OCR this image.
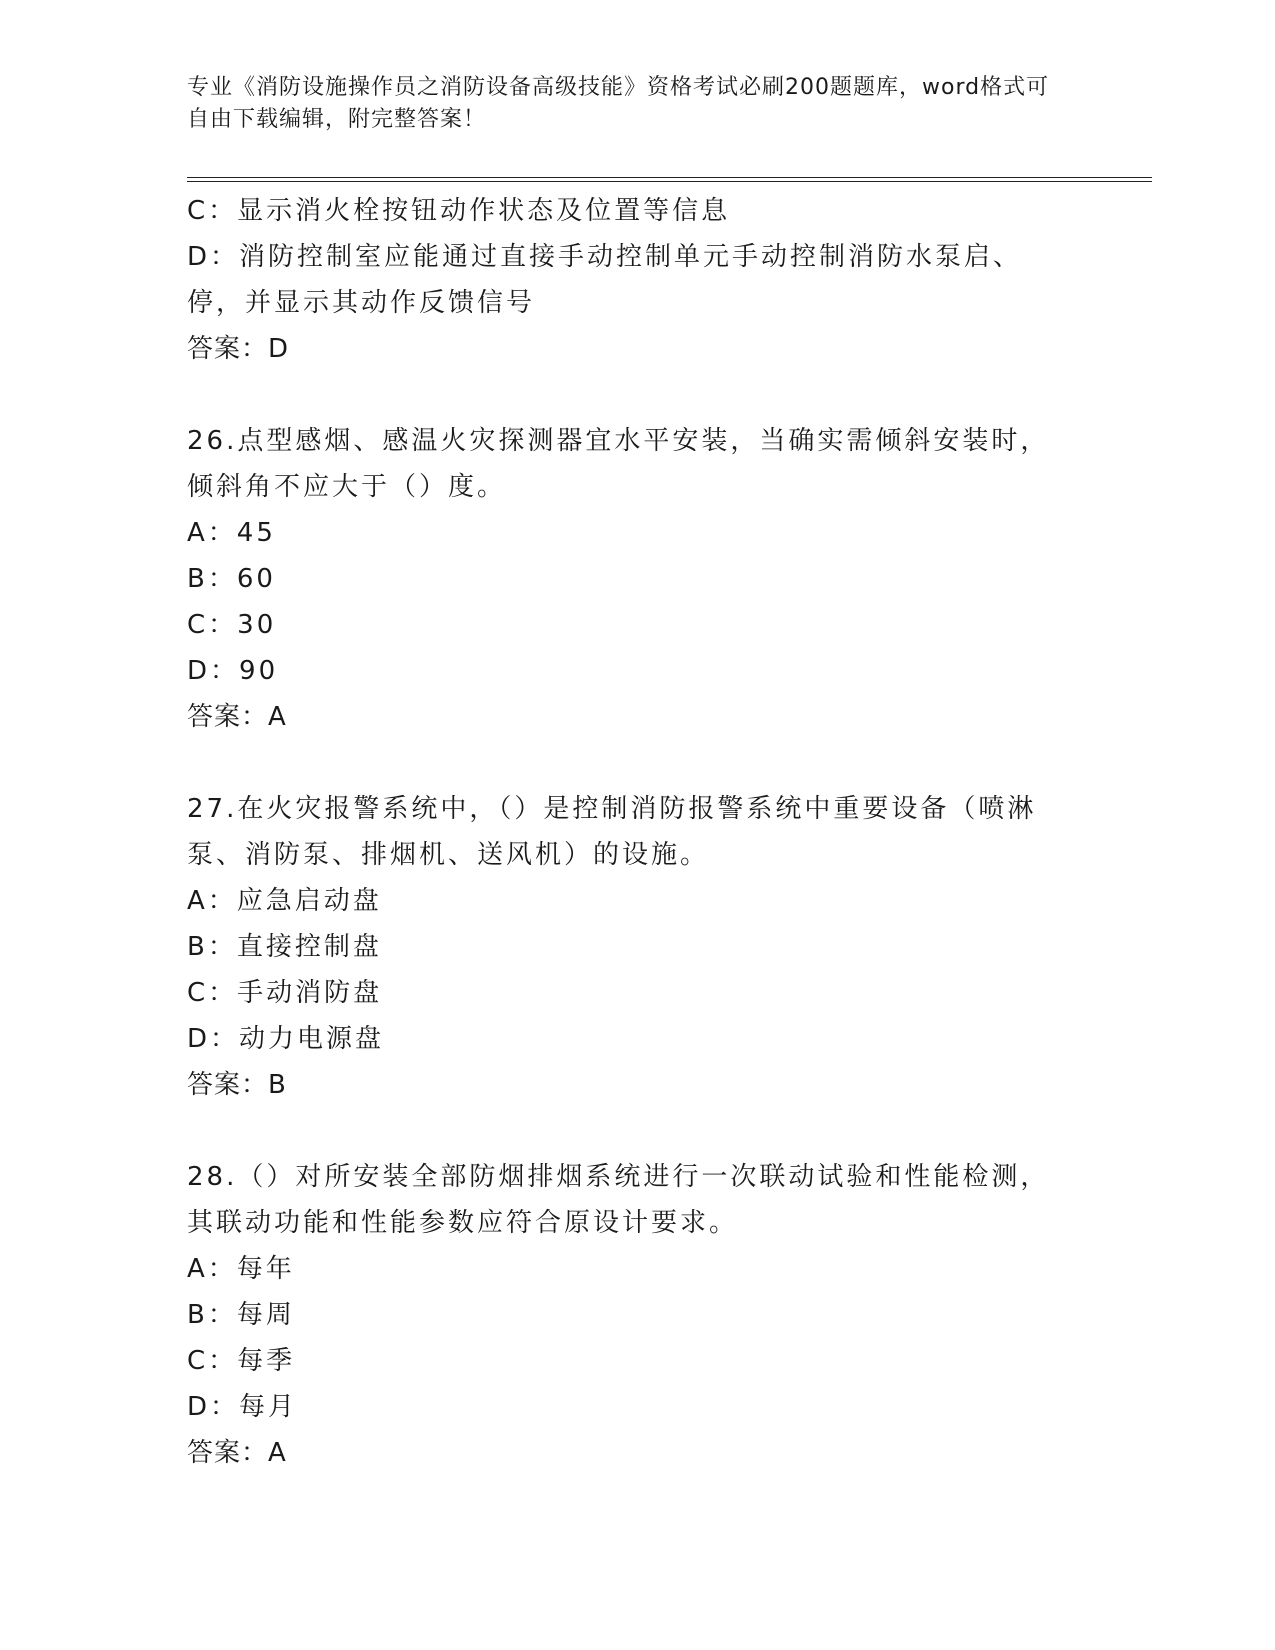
专业《消防设施操作员之消防设备高级技能》资格考试必刷200题题库，word格式可自由下载编辑，附完整答案！
C：显示消火栓按钮动作状态及位置等信息
D：消防控制室应能通过直接手动控制单元手动控制消防水泵启、停，并显示其动作反馈信号
答案：D
26.点型感烟、感温火灾探测器宜水平安装，当确实需倾斜安装时，倾斜角不应大于（）度。
A：45
B：60
C：30
D：90
答案：A
27.在火灾报警系统中，（）是控制消防报警系统中重要设备（喷淋泵、消防泵、排烟机、送风机）的设施。
A：应急启动盘
B：直接控制盘
C：手动消防盘
D：动力电源盘
答案：B
28.（）对所安装全部防烟排烟系统进行一次联动试验和性能检测，其联动功能和性能参数应符合原设计要求。
A：每年
B：每周
C：每季
D：每月
答案：A
